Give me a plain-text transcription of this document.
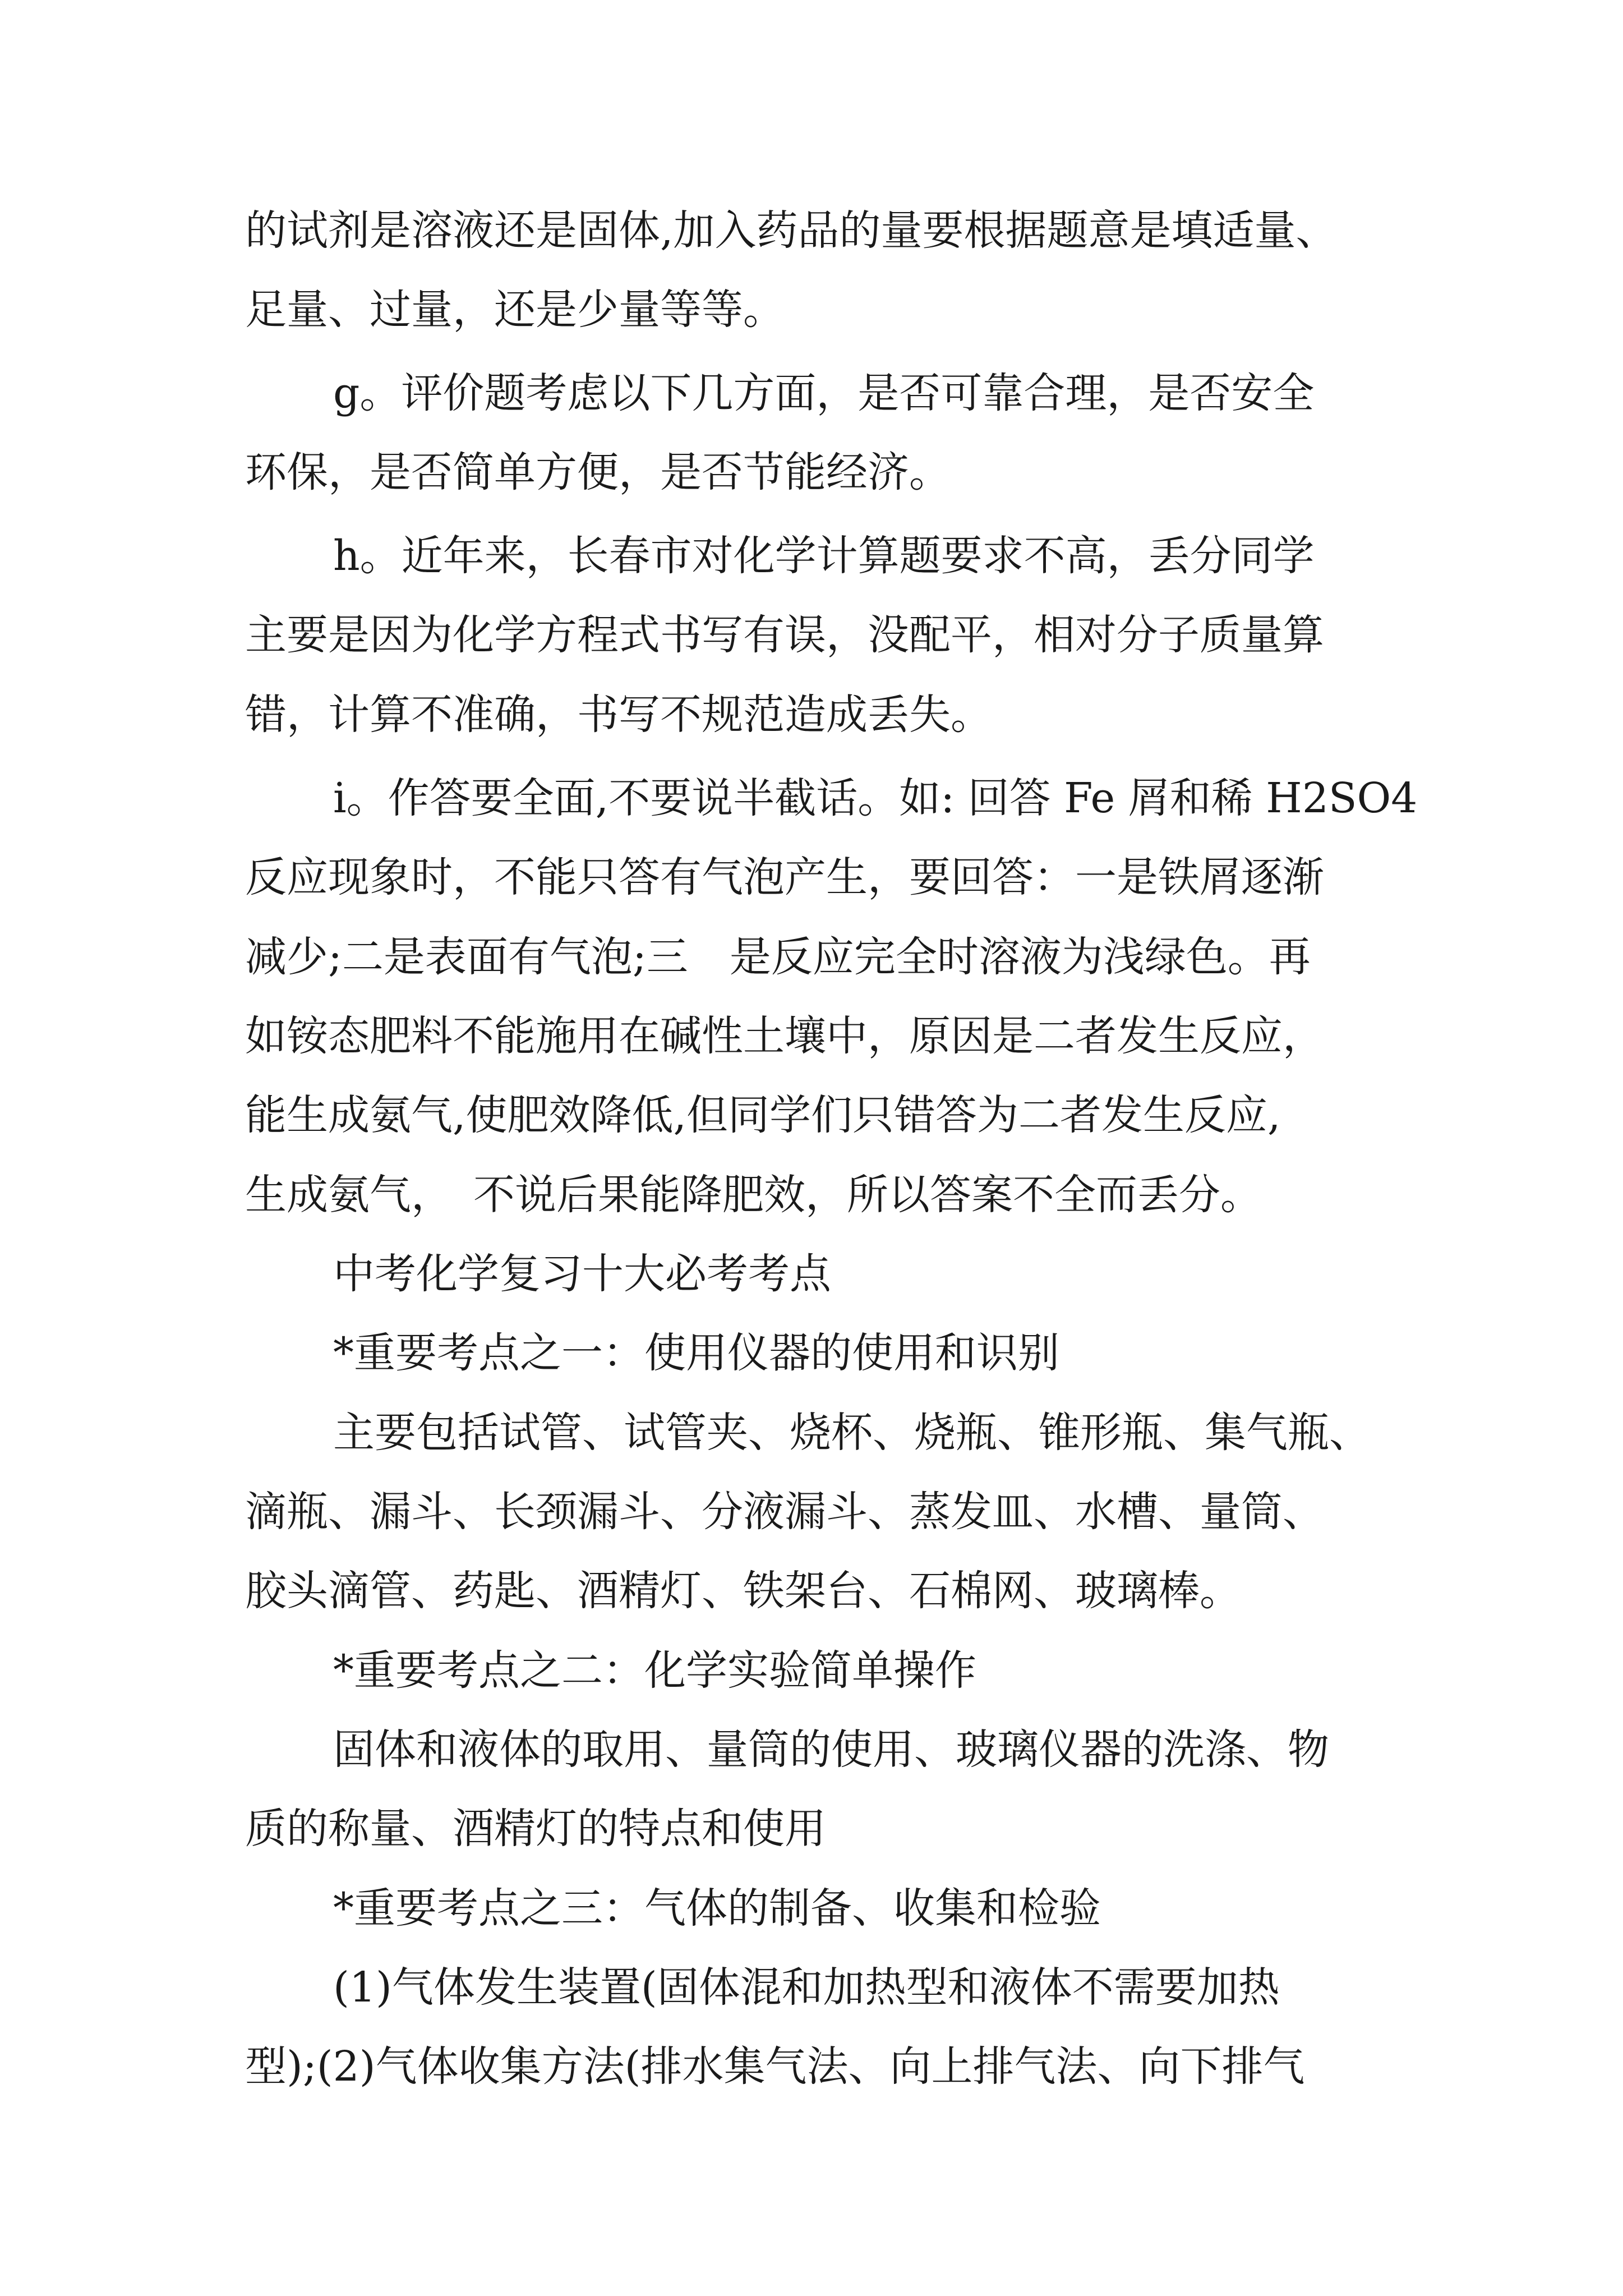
的试剂是溶液还是固体,加入药品的量要根据题意是填适量、
足量、过量，还是少量等等。
g。评价题考虑以下几方面，是否可靠合理，是否安全
环保，是否简单方便，是否节能经济。
h。近年来，长春市对化学计算题要求不高，丢分同学
主要是因为化学方程式书写有误，没配平，相对分子质量算
错，计算不准确，书写不规范造成丢失。
i。作答要全面,不要说半截话。如: 回答 Fe 屑和稀 H2SO4
反应现象时，不能只答有气泡产生，要回答：一是铁屑逐渐
减少;二是表面有气泡;三　是反应完全时溶液为浅绿色。再
如铵态肥料不能施用在碱性土壤中，原因是二者发生反应，
能生成氨气,使肥效降低,但同学们只错答为二者发生反应,
生成氨气，　不说后果能降肥效，所以答案不全而丢分。
中考化学复习十大必考考点
*重要考点之一：使用仪器的使用和识别
主要包括试管、试管夹、烧杯、烧瓶、锥形瓶、集气瓶、
滴瓶、漏斗、长颈漏斗、分液漏斗、蒸发皿、水槽、量筒、
胶头滴管、药匙、酒精灯、铁架台、石棉网、玻璃棒。
*重要考点之二：化学实验简单操作
固体和液体的取用、量筒的使用、玻璃仪器的洗涤、物
质的称量、酒精灯的特点和使用
*重要考点之三：气体的制备、收集和检验
(1)气体发生装置(固体混和加热型和液体不需要加热
型);(2)气体收集方法(排水集气法、向上排气法、向下排气
